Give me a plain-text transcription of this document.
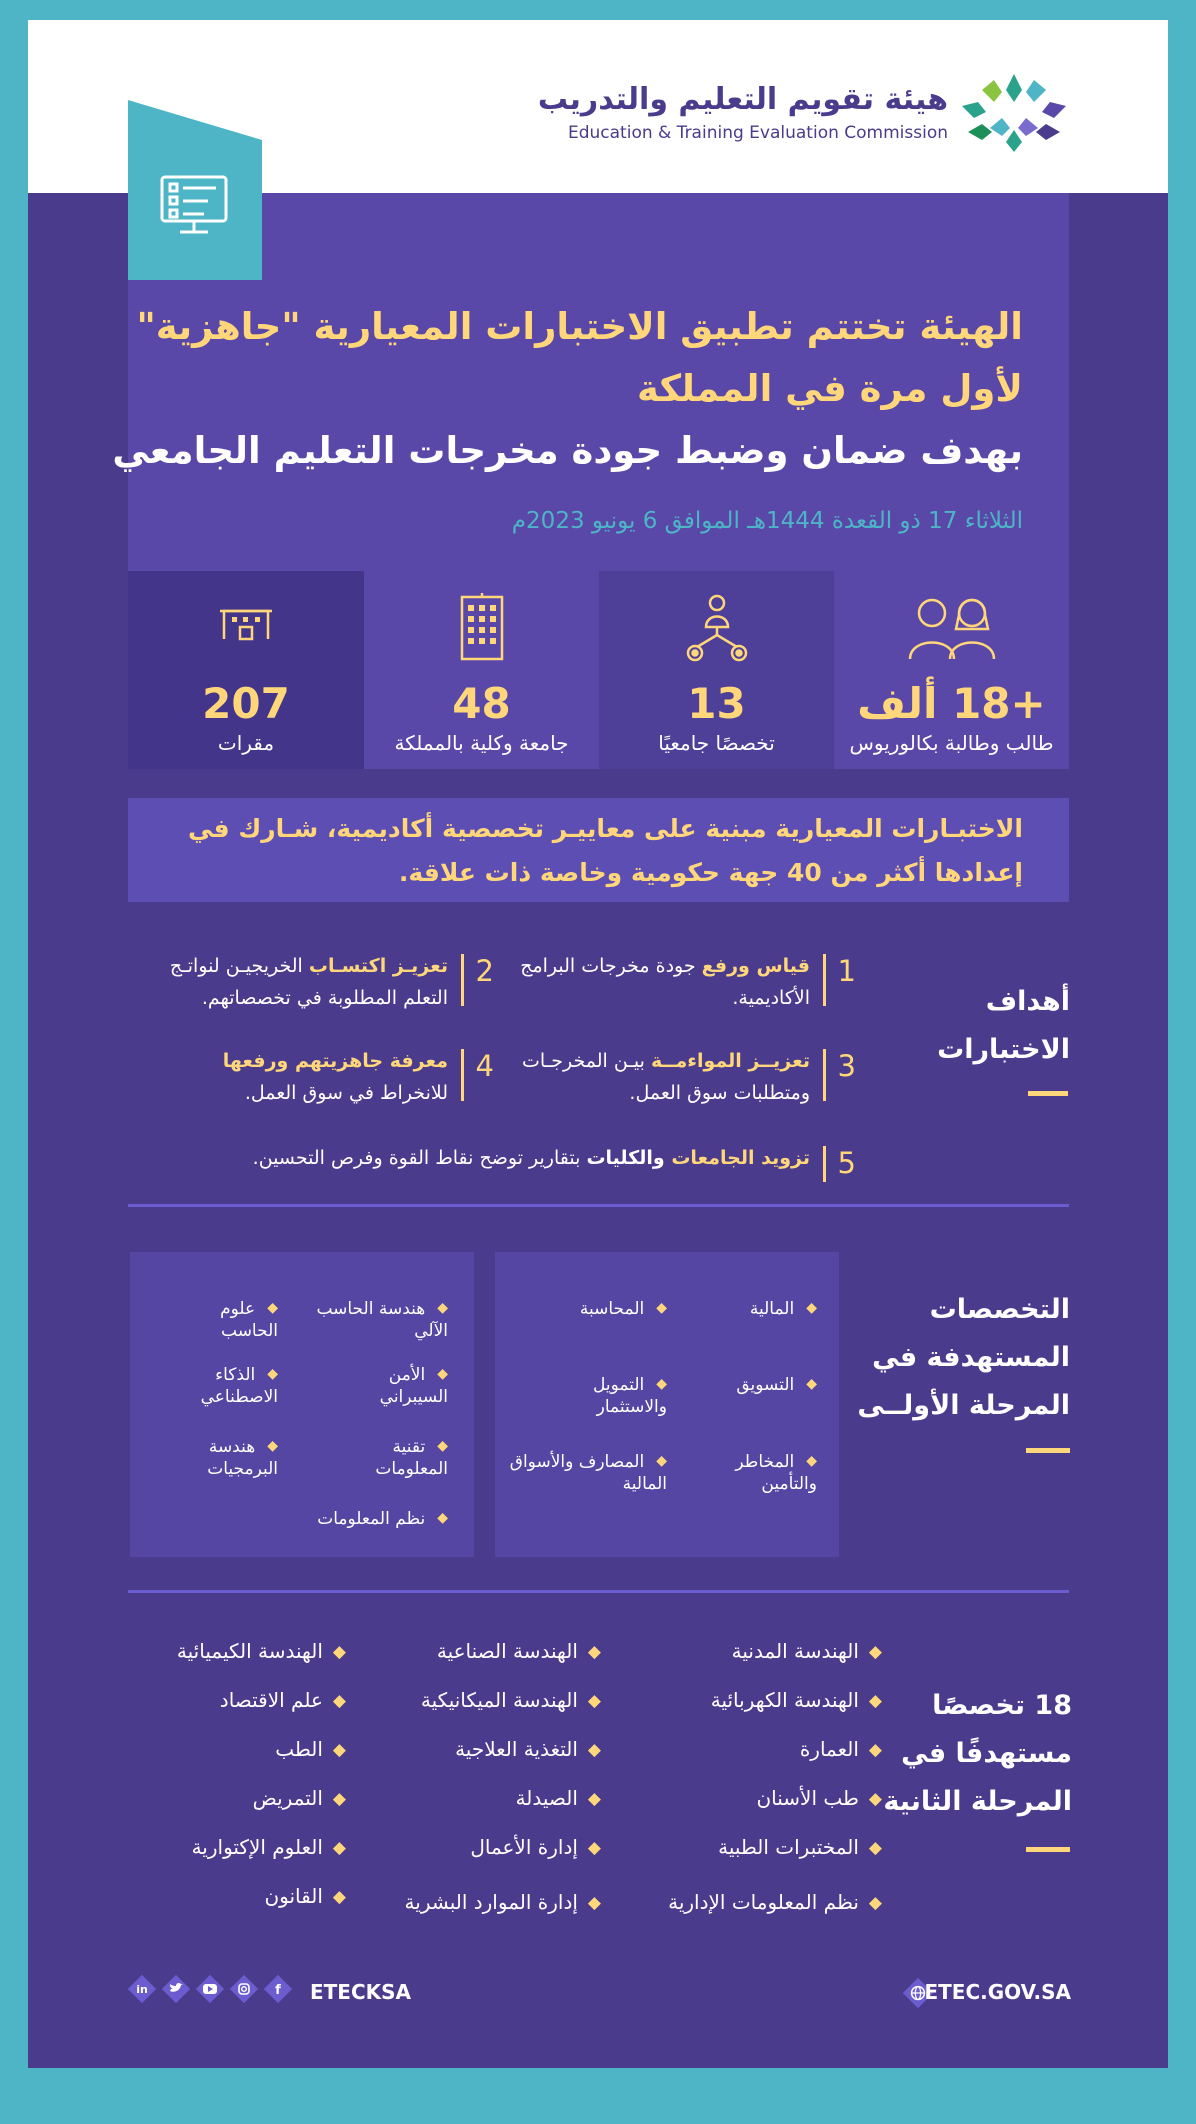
هيئة تقويم التعليم والتدريب
Education & Training Evaluation Commission
الهيئة تختتم تطبيق الاختبارات المعيارية "جاهزية"
لأول مرة في المملكة
بهدف ضمان وضبط جودة مخرجات التعليم الجامعي
الثلاثاء 17 ذو القعدة 1444هـ الموافق 6 يونيو 2023م
+18 ألف
طالب وطالبة بكالوريوس
13
تخصصًا جامعيًا
48
جامعة وكلية بالمملكة
207
مقرات
الاختبـارات المعيارية مبنية على معاييـر تخصصية أكاديمية، شـارك في
إعدادها أكثر من 40 جهة حكومية وخاصة ذات علاقة.
أهداف
الاختبارات
1
قياس ورفع جودة مخرجات البرامج
الأكاديمية.
2
تعزيـز اكتسـاب الخريجيـن لنواتـج
التعلم المطلوبة في تخصصاتهم.
3
تعزيــز المواءمــة بيـن المخرجـات
ومتطلبات سوق العمل.
4
معرفة جاهزيتهم ورفعها
للانخراط في سوق العمل.
5
تزويد الجامعات والكليات بتقارير توضح نقاط القوة وفرص التحسين.
التخصصات
المستهدفة في
المرحلة الأولــى
◆المالية
◆المحاسبة
◆التسويق
◆التمويل والاستثمار
◆المخاطر والتأمين
◆المصارف والأسواق المالية
◆هندسة الحاسب الآلي
◆علوم الحاسب
◆الأمن السيبراني
◆الذكاء الاصطناعي
◆تقنية المعلومات
◆هندسة البرمجيات
◆نظم المعلومات
18 تخصصًا
مستهدفًا في
المرحلة الثانية
◆الهندسة المدنية
◆الهندسة الكهربائية
◆العمارة
◆طب الأسنان
◆المختبرات الطبية
◆نظم المعلومات الإدارية
◆الهندسة الصناعية
◆الهندسة الميكانيكية
◆التغذية العلاجية
◆الصيدلة
◆إدارة الأعمال
◆إدارة الموارد البشرية
◆الهندسة الكيميائية
◆علم الاقتصاد
◆الطب
◆التمريض
◆العلوم الإكتوارية
◆القانون
in	f ETECKSA	ETEC.GOV.SA
